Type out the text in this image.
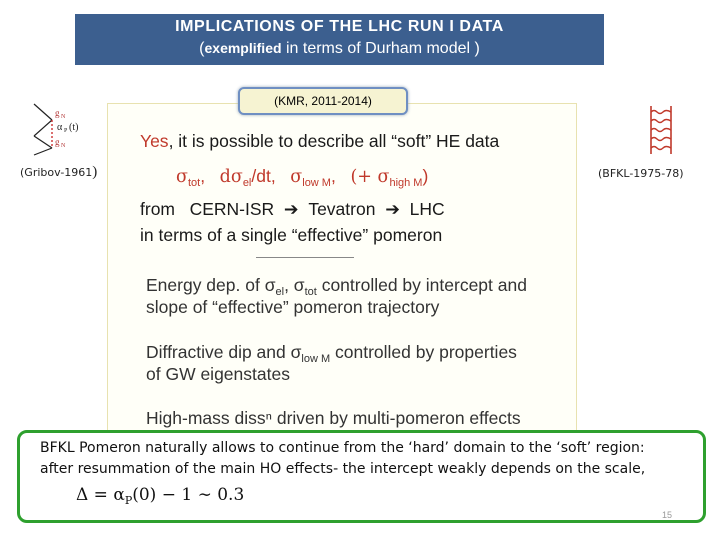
IMPLICATIONS OF THE LHC RUN I DATA
(exemplified in terms of Durham model )
(KMR, 2011-2014)
g N
α P (t)
g N
(Gribov-1961)	(BFKL-1975-78)
Yes, it is possible to describe all “soft” HE data
$\sigma_{tot}$, $d\sigma_{el}/dt$, $\sigma_{low M}$, (+ $\sigma_{high M}$)
from CERN-ISR ➔ Tevatron ➔ LHC
in terms of a single “effective” pomeron
Energy dep. of $\sigma_{el}$, $\sigma_{tot}$ controlled by intercept and
slope of “effective” pomeron trajectory
Diffractive dip and $\sigma_{low M}$ controlled by properties
of GW eigenstates
High-mass dissⁿ driven by multi-pomeron effects
BFKL Pomeron naturally allows to continue from the ‘hard’ domain to the ‘soft’ region:
after resummation of the main HO effects- the intercept weakly depends on the scale,
$\Delta = \alpha_P(0) - 1$ ∼ 0.3
15
